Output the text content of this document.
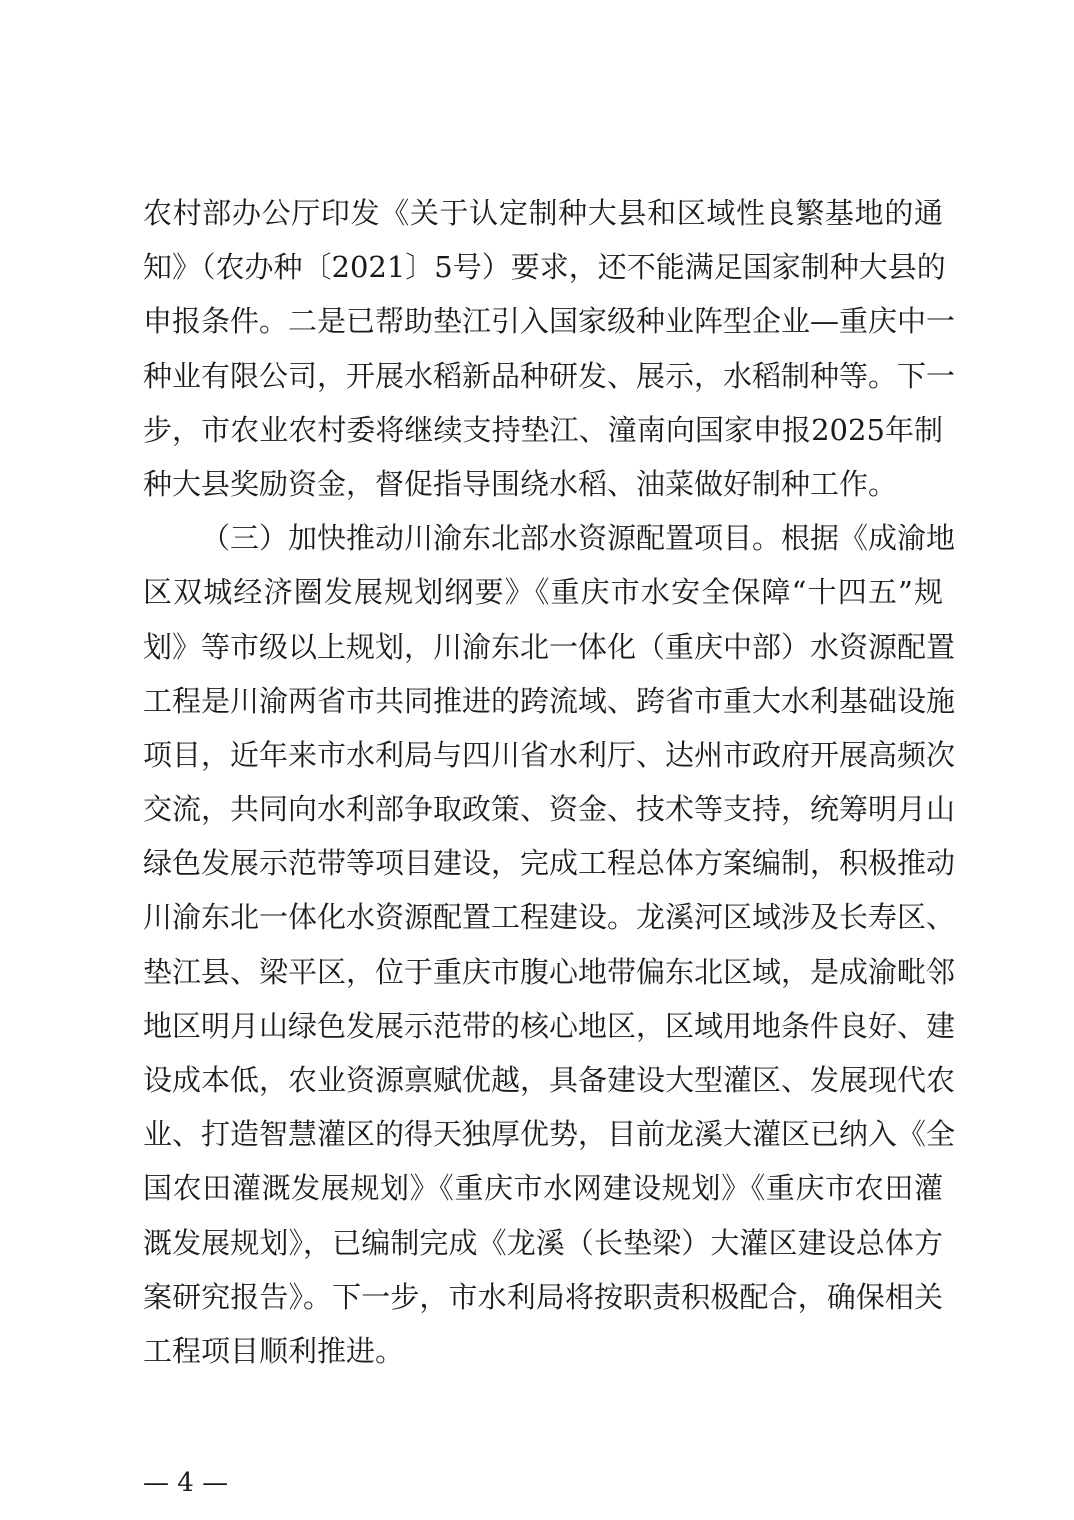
农村部办公厅印发《关于认定制种大县和区域性良繁基地的通
知》（农办种〔2021〕5号）要求，还不能满足国家制种大县的
申报条件。二是已帮助垫江引入国家级种业阵型企业—重庆中一
种业有限公司，开展水稻新品种研发、展示，水稻制种等。下一
步，市农业农村委将继续支持垫江、潼南向国家申报2025年制
种大县奖励资金，督促指导围绕水稻、油菜做好制种工作。
（三）加快推动川渝东北部水资源配置项目。根据《成渝地
区双城经济圈发展规划纲要》《重庆市水安全保障“十四五”规
划》等市级以上规划，川渝东北一体化（重庆中部）水资源配置
工程是川渝两省市共同推进的跨流域、跨省市重大水利基础设施
项目，近年来市水利局与四川省水利厅、达州市政府开展高频次
交流，共同向水利部争取政策、资金、技术等支持，统筹明月山
绿色发展示范带等项目建设，完成工程总体方案编制，积极推动
川渝东北一体化水资源配置工程建设。龙溪河区域涉及长寿区、
垫江县、梁平区，位于重庆市腹心地带偏东北区域，是成渝毗邻
地区明月山绿色发展示范带的核心地区，区域用地条件良好、建
设成本低，农业资源禀赋优越，具备建设大型灌区、发展现代农
业、打造智慧灌区的得天独厚优势，目前龙溪大灌区已纳入《全
国农田灌溉发展规划》《重庆市水网建设规划》《重庆市农田灌
溉发展规划》，已编制完成《龙溪（长垫梁）大灌区建设总体方
案研究报告》。下一步，市水利局将按职责积极配合，确保相关
工程项目顺利推进。
— 4 —
